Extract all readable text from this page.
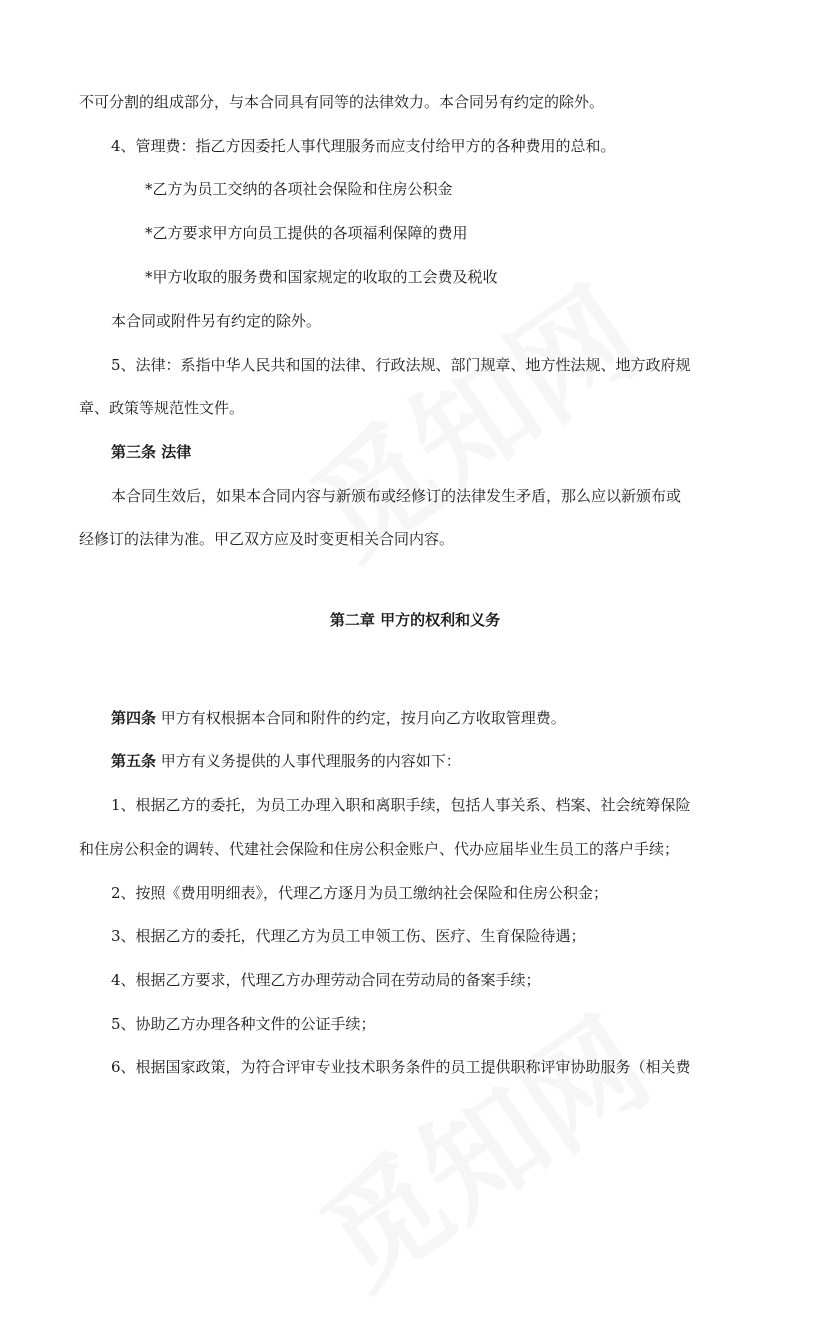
不可分割的组成部分，与本合同具有同等的法律效力。本合同另有约定的除外。
4、管理费：指乙方因委托人事代理服务而应支付给甲方的各种费用的总和。
*乙方为员工交纳的各项社会保险和住房公积金
*乙方要求甲方向员工提供的各项福利保障的费用
*甲方收取的服务费和国家规定的收取的工会费及税收
本合同或附件另有约定的除外。
5、法律：系指中华人民共和国的法律、行政法规、部门规章、地方性法规、地方政府规
章、政策等规范性文件。
第三条 法律
本合同生效后，如果本合同内容与新颁布或经修订的法律发生矛盾，那么应以新颁布或
经修订的法律为准。甲乙双方应及时变更相关合同内容。
第二章 甲方的权利和义务
第四条 甲方有权根据本合同和附件的约定，按月向乙方收取管理费。
第五条 甲方有义务提供的人事代理服务的内容如下：
1、根据乙方的委托，为员工办理入职和离职手续，包括人事关系、档案、社会统筹保险
和住房公积金的调转、代建社会保险和住房公积金账户、代办应届毕业生员工的落户手续；
2、按照《费用明细表》，代理乙方逐月为员工缴纳社会保险和住房公积金；
3、根据乙方的委托，代理乙方为员工申领工伤、医疗、生育保险待遇；
4、根据乙方要求，代理乙方办理劳动合同在劳动局的备案手续；
5、协助乙方办理各种文件的公证手续；
6、根据国家政策，为符合评审专业技术职务条件的员工提供职称评审协助服务（相关费
